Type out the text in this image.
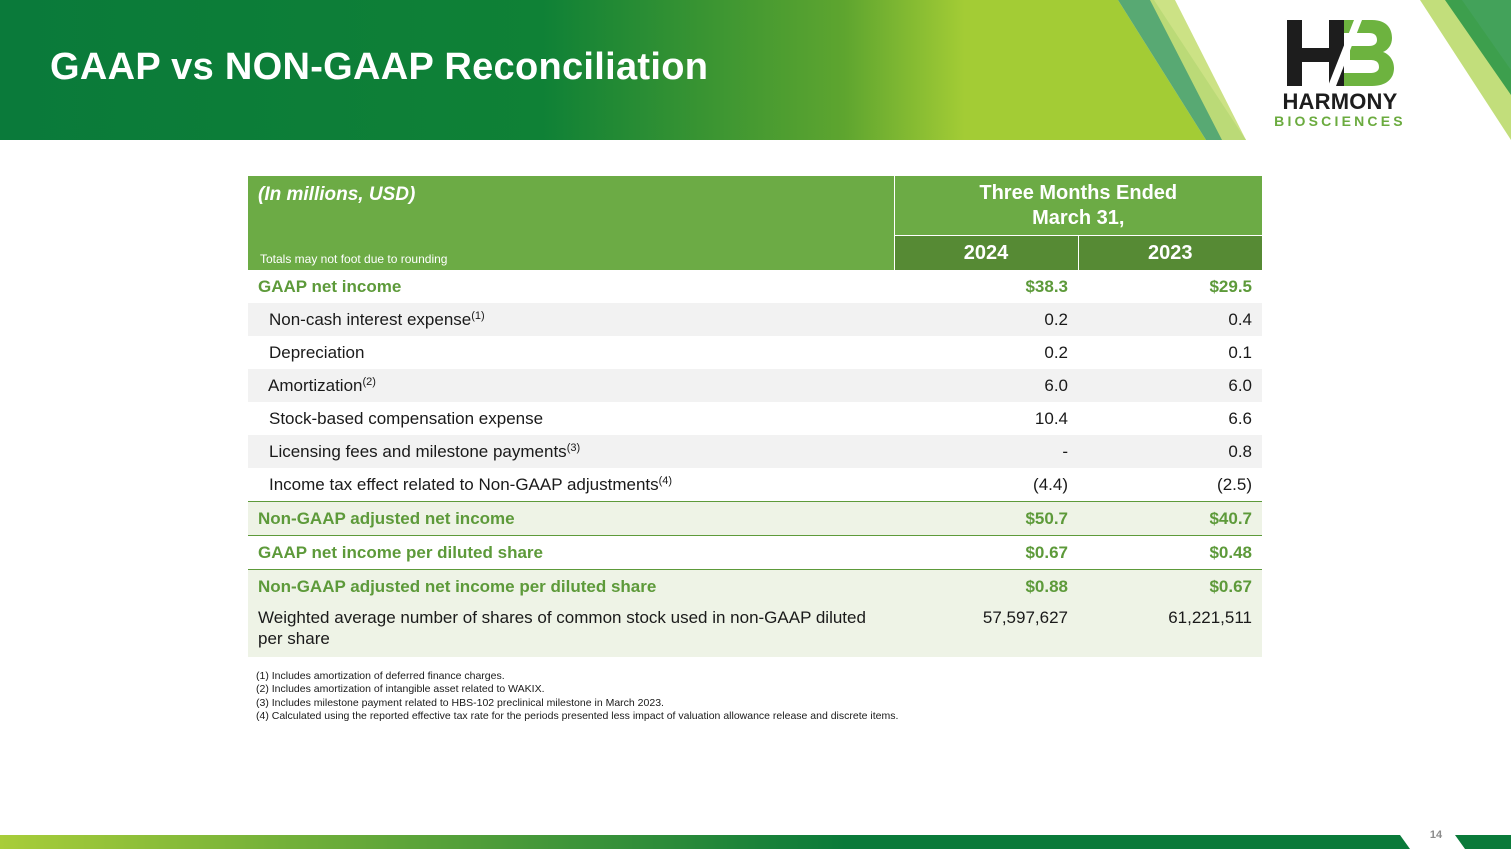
GAAP vs NON-GAAP Reconciliation
HARMONY
BIOSCIENCES
(In millions, USD)
Totals may not foot due to rounding	Three Months Ended
March 31,	
	2024	2023
GAAP net income	$38.3	$29.5
Non-cash interest expense$^{(1)}$	0.2	0.4
Depreciation	0.2	0.1
Amortization$^{(2)}$	6.0	6.0
Stock-based compensation expense	10.4	6.6
Licensing fees and milestone payments$^{(3)}$	-	0.8
Income tax effect related to Non-GAAP adjustments$^{(4)}$	(4.4)	(2.5)
Non-GAAP adjusted net income	$50.7	$40.7
GAAP net income per diluted share	$0.67	$0.48
Non-GAAP adjusted net income per diluted share	$0.88	$0.67
Weighted average number of shares of common stock used in non-GAAP diluted per share	57,597,627	61,221,511
(1) Includes amortization of deferred finance charges.
(2) Includes amortization of intangible asset related to WAKIX.
(3) Includes milestone payment related to HBS-102 preclinical milestone in March 2023.
(4) Calculated using the reported effective tax rate for the periods presented less impact of valuation allowance release and discrete items.
14
